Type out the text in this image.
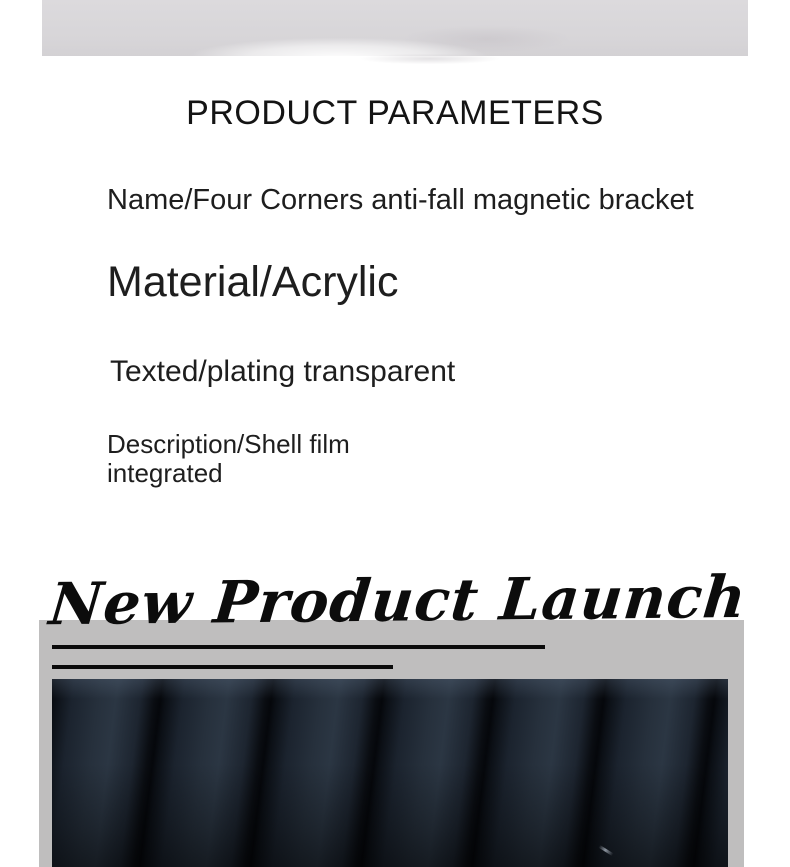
PRODUCT PARAMETERS
Name/Four Corners anti-fall magnetic bracket
Material/Acrylic
Texted/plating transparent
Description/Shell film integrated
New Product Launch
